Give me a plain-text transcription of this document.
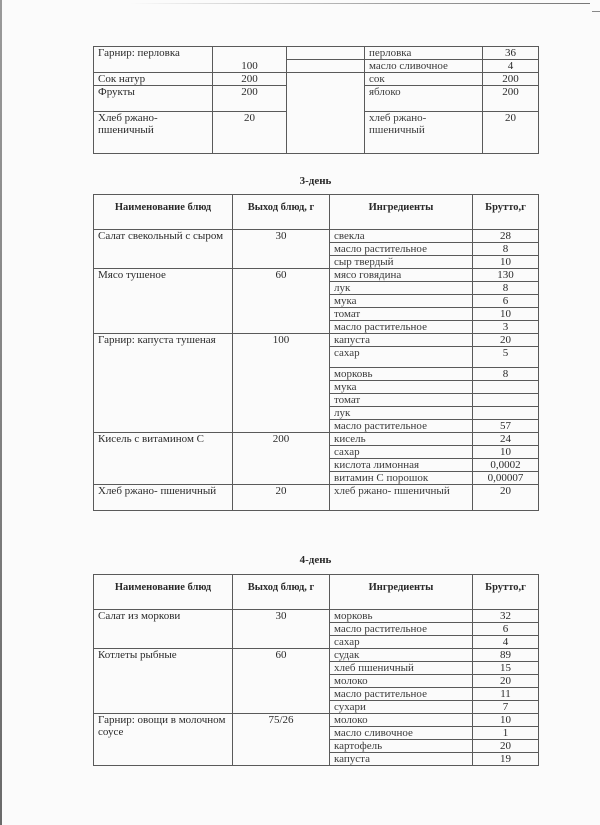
Гарнир: перловка	100		перловка	36
			масло сливочное	4
Сок натур	200		сок	200
Фрукты	200		яблоко	200
Хлеб ржано-пшеничный	20		хлеб ржано-пшеничный	20
3-день
Наименование блюд	Выход блюд, г	Ингредиенты	Брутто,г
Салат свекольный с сыром	30	свекла	28
		масло растительное	8
		сыр твердый	10
Мясо тушеное	60	мясо говядина	130
		лук	8
		мука	6
		томат	10
		масло растительное	3
Гарнир: капуста тушеная	100	капуста	20
		сахар	5
		морковь	8
		мука	
		томат	
		лук	
		масло растительное	57
Кисель с витамином С	200	кисель	24
		сахар	10
		кислота лимонная	0,0002
		витамин С порошок	0,00007
Хлеб ржано- пшеничный	20	хлеб ржано- пшеничный	20
4-день
Наименование блюд	Выход блюд, г	Ингредиенты	Брутто,г
Салат из моркови	30	морковь	32
		масло растительное	6
		сахар	4
Котлеты рыбные	60	судак	89
		хлеб пшеничный	15
		молоко	20
		масло растительное	11
		сухари	7
Гарнир: овощи в молочном соусе	75/26	молоко	10
		масло сливочное	1
		картофель	20
		капуста	19
